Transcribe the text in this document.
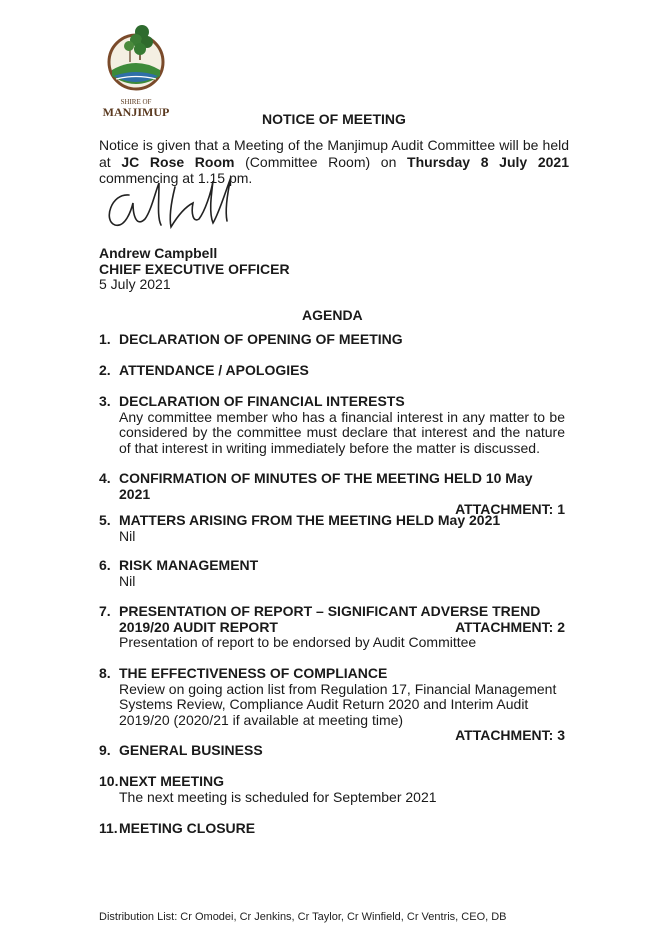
SHIRE OF
MANJIMUP	NOTICE OF MEETING
Notice is given that a Meeting of the Manjimup Audit Committee will be held at JC Rose Room (Committee Room) on Thursday 8 July 2021 commencing at 1.15 pm.
Andrew Campbell
CHIEF EXECUTIVE OFFICER
5 July 2021
AGENDA
1. DECLARATION OF OPENING OF MEETING
2. ATTENDANCE / APOLOGIES
3. DECLARATION OF FINANCIAL INTERESTS
Any committee member who has a financial interest in any matter to be considered by the committee must declare that interest and the nature of that interest in writing immediately before the matter is discussed.
4. CONFIRMATION OF MINUTES OF THE MEETING HELD 10 May 2021
ATTACHMENT: 1
5. MATTERS ARISING FROM THE MEETING HELD May 2021
Nil
6. RISK MANAGEMENT
Nil
7. PRESENTATION OF REPORT – SIGNIFICANT ADVERSE TREND
2019/20 AUDIT REPORT	ATTACHMENT: 2
Presentation of report to be endorsed by Audit Committee
8. THE EFFECTIVENESS OF COMPLIANCE
Review on going action list from Regulation 17, Financial Management Systems Review, Compliance Audit Return 2020 and Interim Audit 2019/20 (2020/21 if available at meeting time)
ATTACHMENT: 3
9. GENERAL BUSINESS
10. NEXT MEETING
The next meeting is scheduled for September 2021
11. MEETING CLOSURE
Distribution List: Cr Omodei, Cr Jenkins, Cr Taylor, Cr Winfield, Cr Ventris, CEO, DB
